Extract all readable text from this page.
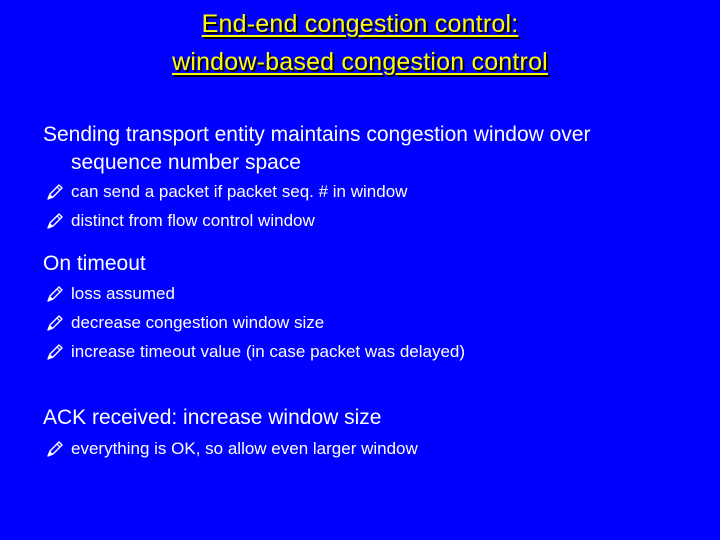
End-end congestion control:
window-based congestion control
Sending transport entity maintains congestion window over
sequence number space
can send a packet if packet seq. # in window
distinct from flow control window
On timeout
loss assumed
decrease congestion window size
increase timeout value (in case packet was delayed)
ACK received: increase window size
everything is OK, so allow even larger window
